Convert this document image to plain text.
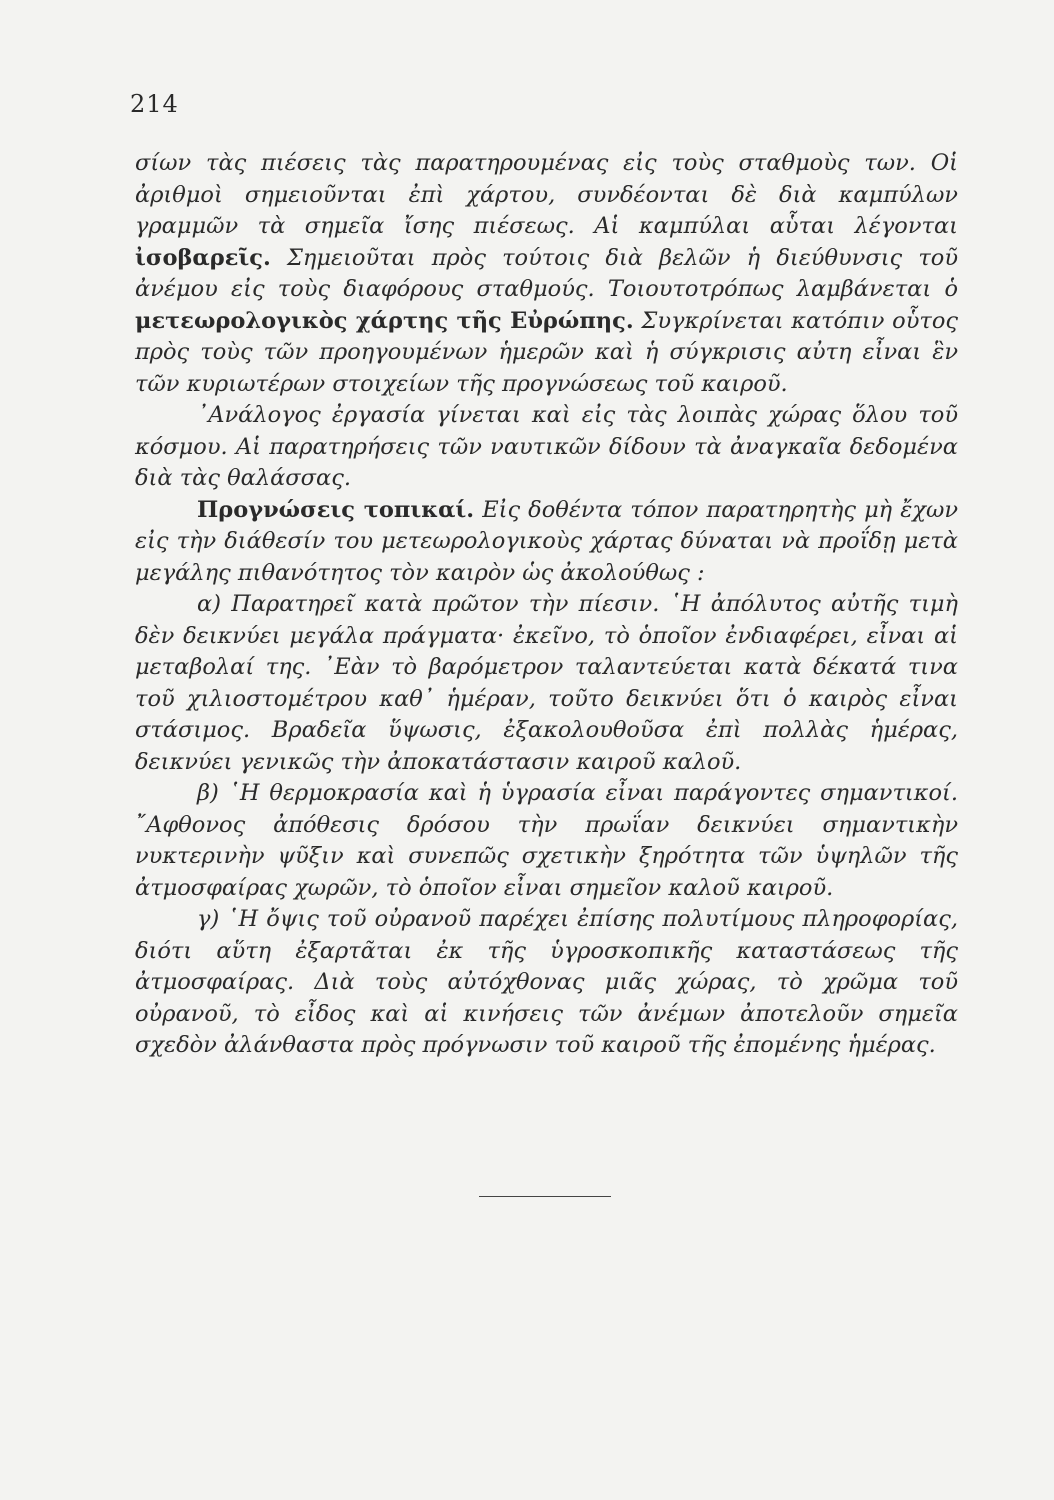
214

σίων τὰς πιέσεις τὰς παρατηρουμένας εἰς τοὺς σταθμοὺς των. Οἱ ἀριθμοὶ σημειοῦνται ἐπὶ χάρτου, συνδέονται δὲ διὰ καμπύλων γραμμῶν τὰ σημεῖα ἴσης πιέσεως. Αἱ καμπύλαι αὗται λέγονται ἰσοβαρεῖς. Σημειοῦται πρὸς τούτοις διὰ βελῶν ἡ διεύθυνσις τοῦ ἀνέμου εἰς τοὺς διαφόρους σταθμούς. Τοιουτοτρόπως λαμβάνεται ὁ μετεωρολογικὸς χάρτης τῆς Εὐρώπης. Συγκρίνεται κατόπιν οὗτος πρὸς τοὺς τῶν προηγουμένων ἡμερῶν καὶ ἡ σύγκρισις αὐτη εἶναι ἓν τῶν κυριωτέρων στοιχείων τῆς προγνώσεως τοῦ καιροῦ.

᾿Ανάλογος ἐργασία γίνεται καὶ εἰς τὰς λοιπὰς χώρας ὅλου τοῦ κόσμου. Αἱ παρατηρήσεις τῶν ναυτικῶν δίδουν τὰ ἀναγκαῖα δεδομένα διὰ τὰς θαλάσσας.

Προγνώσεις τοπικαί. Εἰς δοθέντα τόπον παρατηρητὴς μὴ ἔχων εἰς τὴν διάθεσίν του μετεωρολογικοὺς χάρτας δύναται νὰ προΐδῃ μετὰ μεγάλης πιθανότητος τὸν καιρὸν ὡς ἀκολούθως :

α) Παρατηρεῖ κατὰ πρῶτον τὴν πίεσιν. ῾Η ἀπόλυτος αὐτῆς τιμὴ δὲν δεικνύει μεγάλα πράγματα· ἐκεῖνο, τὸ ὁποῖον ἐνδιαφέρει, εἶναι αἱ μεταβολαί της. ᾿Εὰν τὸ βαρόμετρον ταλαντεύεται κατὰ δέκατά τινα τοῦ χιλιοστομέτρου καθ᾿ ἡμέραν, τοῦτο δεικνύει ὅτι ὁ καιρὸς εἶναι στάσιμος. Βραδεῖα ὕψωσις, ἐξακολουθοῦσα ἐπὶ πολλὰς ἡμέρας, δεικνύει γενικῶς τὴν ἀποκατάστασιν καιροῦ καλοῦ.

β) ῾Η θερμοκρασία καὶ ἡ ὑγρασία εἶναι παράγοντες σημαντικοί. ῎Αφθονος ἀπόθεσις δρόσου τὴν πρωΐαν δεικνύει σημαντικὴν νυκτερινὴν ψῦξιν καὶ συνεπῶς σχετικὴν ξηρότητα τῶν ὑψηλῶν τῆς ἀτμοσφαίρας χωρῶν, τὸ ὁποῖον εἶναι σημεῖον καλοῦ καιροῦ.

γ) ῾Η ὄψις τοῦ οὐρανοῦ παρέχει ἐπίσης πολυτίμους πληροφορίας, διότι αὕτη ἐξαρτᾶται ἐκ τῆς ὑγροσκοπικῆς καταστάσεως τῆς ἀτμοσφαίρας. Διὰ τοὺς αὐτόχθονας μιᾶς χώρας, τὸ χρῶμα τοῦ οὐρανοῦ, τὸ εἶδος καὶ αἱ κινήσεις τῶν ἀνέμων ἀποτελοῦν σημεῖα σχεδὸν ἀλάνθαστα πρὸς πρόγνωσιν τοῦ καιροῦ τῆς ἐπομένης ἡμέρας.
